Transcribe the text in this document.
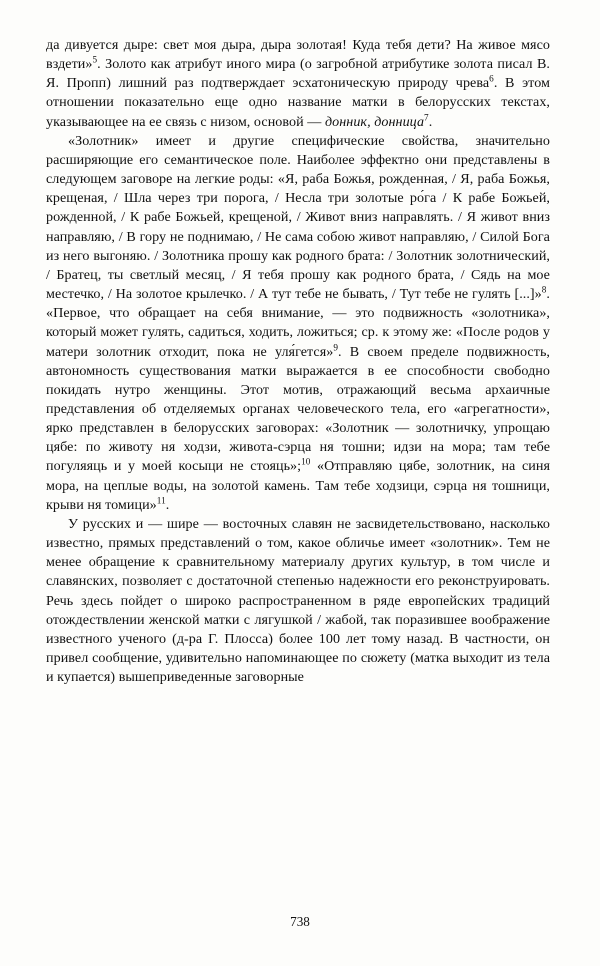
да дивуется дыре: свет моя дыра, дыра золотая! Куда тебя дети? На живое мясо вздети»$^5$. Золото как атрибут иного мира (о загробной атрибутике золота писал В. Я. Пропп) лишний раз подтверждает эсхатоническую природу чрева$^6$. В этом отношении показательно еще одно название матки в белорусских текстах, указывающее на ее связь с низом, основой — донник, донница$^7$.

«Золотник» имеет и другие специфические свойства, значительно расширяющие его семантическое поле. Наиболее эффектно они представлены в следующем заговоре на легкие роды: «Я, раба Божья, рожденная, / Я, раба Божья, крещеная, / Шла через три порога, / Несла три золотые ро́га / К рабе Божьей, рожденной, / К рабе Божьей, крещеной, / Живот вниз направлять. / Я живот вниз направляю, / В гору не поднимаю, / Не сама собою живот направляю, / Силой Бога из него выгоняю. / Золотника прошу как родного брата: / Золотник золотнический, / Братец, ты светлый месяц, / Я тебя прошу как родного брата, / Сядь на мое местечко, / На золотое крылечко. / А тут тебе не бывать, / Тут тебе не гулять [...]»$^8$. «Первое, что обращает на себя внимание, — это подвижность «золотника», который может гулять, садиться, ходить, ложиться; ср. к этому же: «После родов у матери золотник отходит, пока не уля́гется»$^9$. В своем пределе подвижность, автономность существования матки выражается в ее способности свободно покидать нутро женщины. Этот мотив, отражающий весьма архаичные представления об отделяемых органах человеческого тела, его «агрегатности», ярко представлен в белорусских заговорах: «Золотник — золотничку, упрощаю цябе: по животу ня ходзи, живота-сэрца ня тошни; идзи на мора; там тебе погуляяць и у моей косыци не стояць»;$^{10}$ «Отправляю цябе, золотник, на синя мора, на цеплые воды, на золотой камень. Там тебе ходзици, сэрца ня тошници, крыви ня томици»$^{11}$.

У русских и — шире — восточных славян не засвидетельствовано, насколько известно, прямых представлений о том, какое обличье имеет «золотник». Тем не менее обращение к сравнительному материалу других культур, в том числе и славянских, позволяет с достаточной степенью надежности его реконструировать. Речь здесь пойдет о широко распространенном в ряде европейских традиций отождествлении женской матки с лягушкой / жабой, так поразившее воображение известного ученого (д-ра Г. Плосса) более 100 лет тому назад. В частности, он привел сообщение, удивительно напоминающее по сюжету (матка выходит из тела и купается) вышеприведенные заговорные

738
